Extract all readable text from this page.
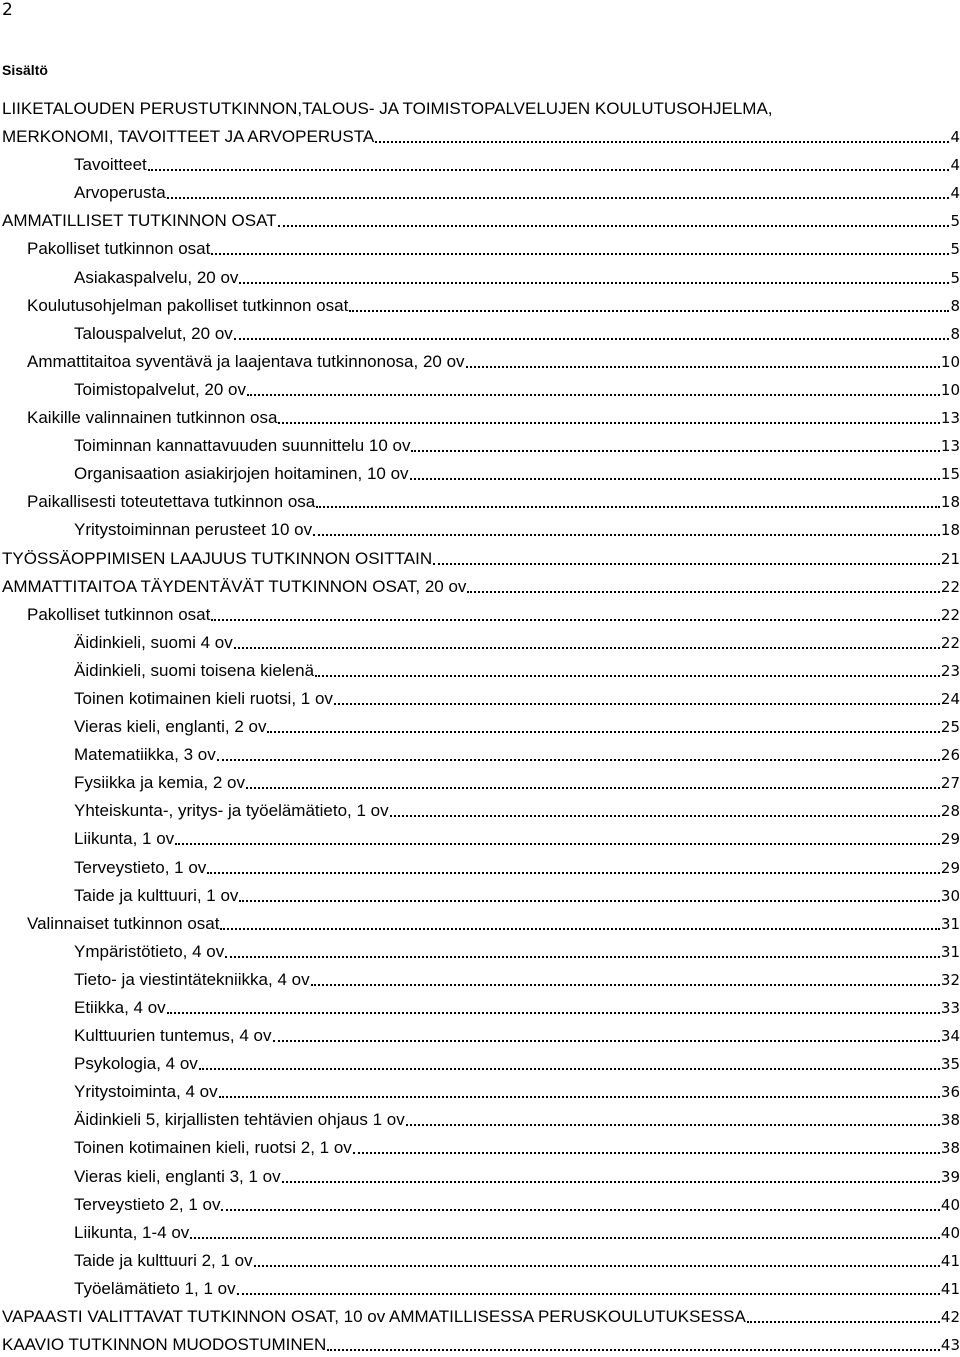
2
Sisältö
LIIKETALOUDEN PERUSTUTKINNON,TALOUS- JA TOIMISTOPALVELUJEN KOULUTUSOHJELMA,
MERKONOMI, TAVOITTEET JA ARVOPERUSTA	4
Tavoitteet	4
Arvoperusta	4
AMMATILLISET TUTKINNON OSAT	5
Pakolliset tutkinnon osat	5
Asiakaspalvelu, 20 ov	5
Koulutusohjelman pakolliset tutkinnon osat	8
Talouspalvelut, 20 ov	8
Ammattitaitoa syventävä ja laajentava tutkinnonosa, 20 ov	10
Toimistopalvelut, 20 ov	10
Kaikille valinnainen tutkinnon osa	13
Toiminnan kannattavuuden suunnittelu 10 ov	13
Organisaation asiakirjojen hoitaminen, 10 ov	15
Paikallisesti toteutettava tutkinnon osa	18
Yritystoiminnan perusteet 10 ov	18
TYÖSSÄOPPIMISEN LAAJUUS TUTKINNON OSITTAIN	21
AMMATTITAITOA TÄYDENTÄVÄT TUTKINNON OSAT, 20 ov	22
Pakolliset tutkinnon osat	22
Äidinkieli, suomi 4 ov	22
Äidinkieli, suomi toisena kielenä	23
Toinen kotimainen kieli ruotsi, 1 ov	24
Vieras kieli, englanti, 2 ov	25
Matematiikka, 3 ov	26
Fysiikka ja kemia, 2 ov	27
Yhteiskunta-, yritys- ja työelämätieto, 1 ov	28
Liikunta, 1 ov	29
Terveystieto, 1 ov	29
Taide ja kulttuuri, 1 ov	30
Valinnaiset tutkinnon osat	31
Ympäristötieto, 4 ov	31
Tieto- ja viestintätekniikka, 4 ov	32
Etiikka, 4 ov	33
Kulttuurien tuntemus, 4 ov	34
Psykologia, 4 ov	35
Yritystoiminta, 4 ov	36
Äidinkieli 5, kirjallisten tehtävien ohjaus 1 ov	38
Toinen kotimainen kieli, ruotsi 2, 1 ov	38
Vieras kieli, englanti 3, 1 ov	39
Terveystieto 2, 1 ov	40
Liikunta, 1-4 ov	40
Taide ja kulttuuri 2, 1 ov	41
Työelämätieto 1, 1 ov	41
VAPAASTI VALITTAVAT TUTKINNON OSAT, 10 ov AMMATILLISESSA PERUSKOULUTUKSESSA	42
KAAVIO TUTKINNON MUODOSTUMINEN	43
